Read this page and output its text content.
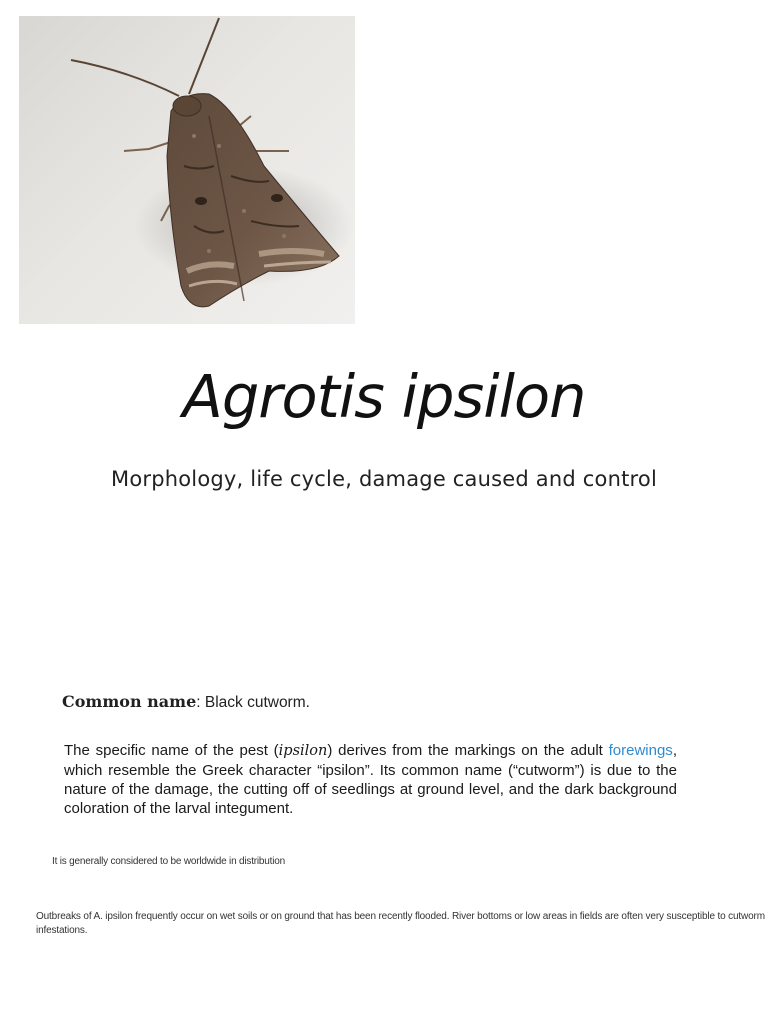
Agrotis ipsilon

Morphology, life cycle, damage caused and control

Common name: Black cutworm.

The specific name of the pest (ipsilon) derives from the markings on the adult forewings, which resemble the Greek character “ipsilon”. Its common name (“cutworm”) is due to the nature of the damage, the cutting off of seedlings at ground level, and the dark background coloration of the larval integument.

It is generally considered to be worldwide in distribution

Outbreaks of A. ipsilon frequently occur on wet soils or on ground that has been recently flooded. River bottoms or low areas in fields are often very susceptible to cutworm infestations.
